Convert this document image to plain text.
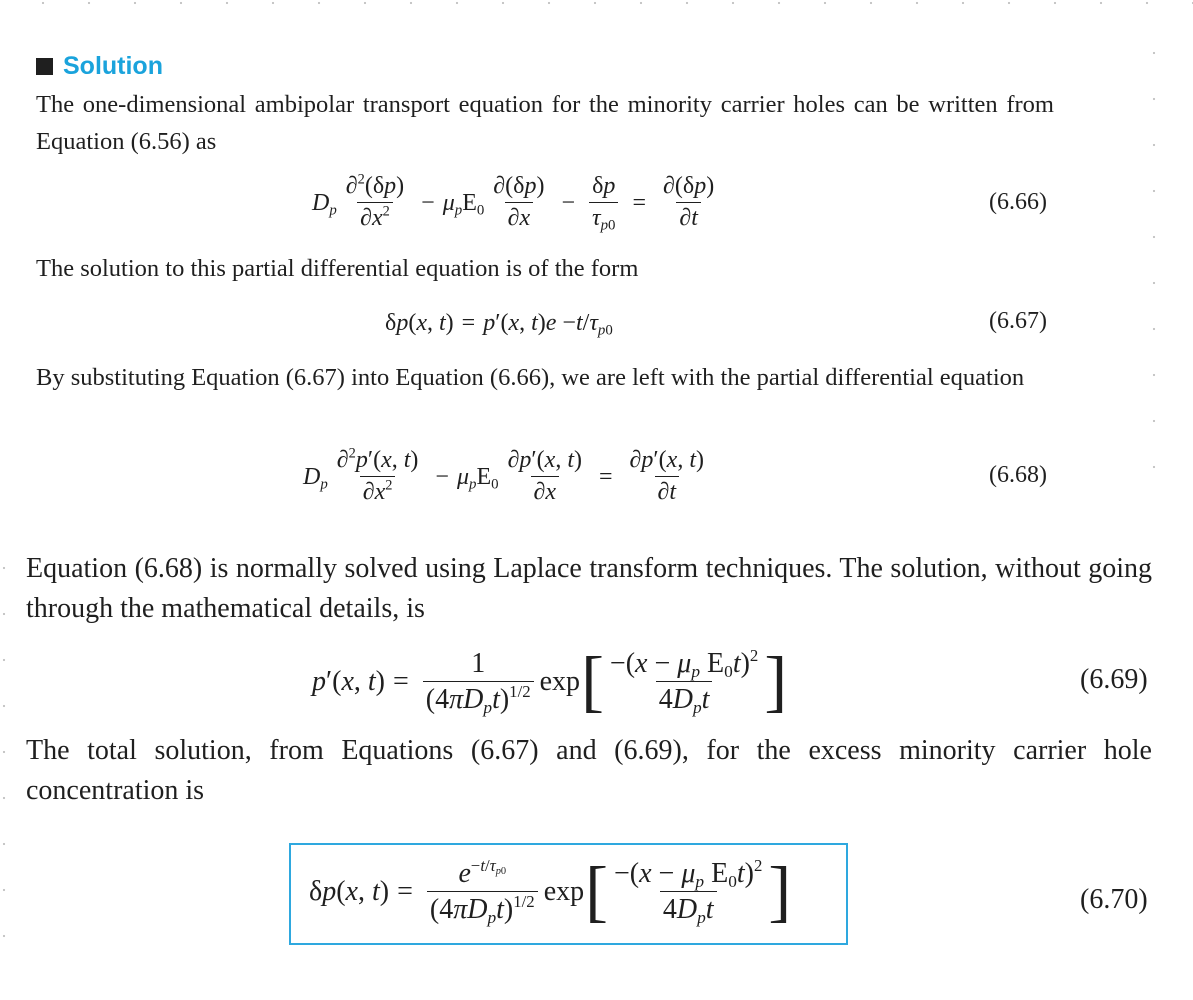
Solution

The one-dimensional ambipolar transport equation for the minority carrier holes can be written from Equation (6.56) as

$D_p \frac{\partial^2(\delta p)}{\partial x^2} - \mu_pE_0 \frac{\partial(\delta p)}{\partial x} - \frac{\delta p}{\tau_{p0}} = \frac{\partial(\delta p)}{\partial t}$	(6.66)

The solution to this partial differential equation is of the form

δp(x, t) = p′(x, $t)e -t/\tau_{p0}$	(6.67)

By substituting Equation (6.67) into Equation (6.66), we are left with the partial differential equation

$D_p \frac{\partial^2p'(x, t)}{\partial x^2} - \mu_pE_0 \frac{\partial p'(x, t)}{\partial x} = \frac{\partial p'(x, t)}{\partial t}$	(6.68)

Equation (6.68) is normally solved using Laplace transform techniques. The solution, without going through the mathematical details, is

p′(x, $t) = \frac{1}{(4\pi D_pt)^{1/2}}$ exp [ $\frac{-(x - \mu_p E_0t)^2}{4D_pt}$ ]	(6.69)

The total solution, from Equations (6.67) and (6.69), for the excess minority carrier hole concentration is

δp(x, $t) = \frac{e^{-t/\tau_{p0}}}{(4\pi D_pt)^{1/2}}$ exp [ $\frac{-(x - \mu_p E_0t)^2}{4D_pt}$ ]	(6.70)
